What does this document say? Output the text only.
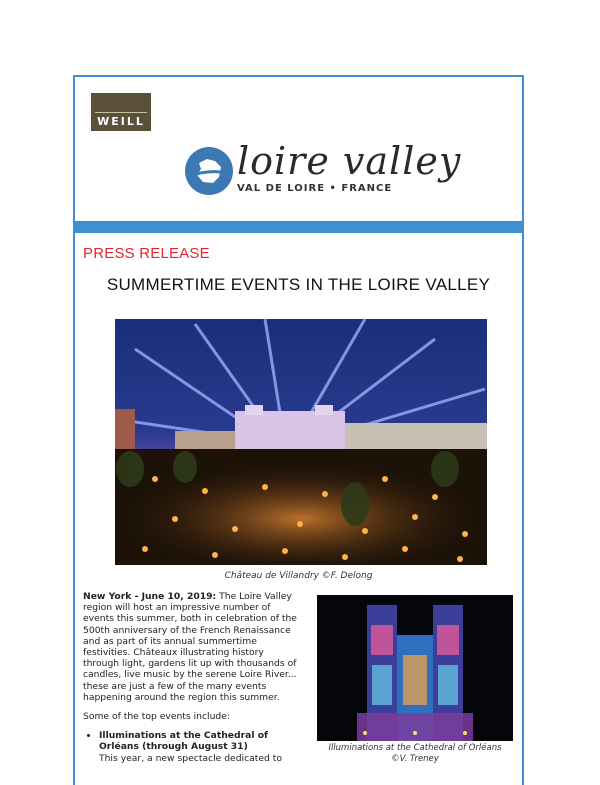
WEILL
loire valley
VAL DE LOIRE • FRANCE
PRESS RELEASE
SUMMERTIME EVENTS IN THE LOIRE VALLEY
Château de Villandry ©F. Delong

New York - June 10, 2019: The Loire Valley region will host an impressive number of events this summer, both in celebration of the 500th anniversary of the French Renaissance and as part of its annual summertime festivities. Châteaux illustrating history through light, gardens lit up with thousands of candles, live music by the serene Loire River... these are just a few of the many events happening around the region this summer.

Some of the top events include:

• Illuminations at the Cathedral of Orléans (through August 31)
This year, a new spectacle dedicated to
Illuminations at the Cathedral of Orléans
©V. Treney
